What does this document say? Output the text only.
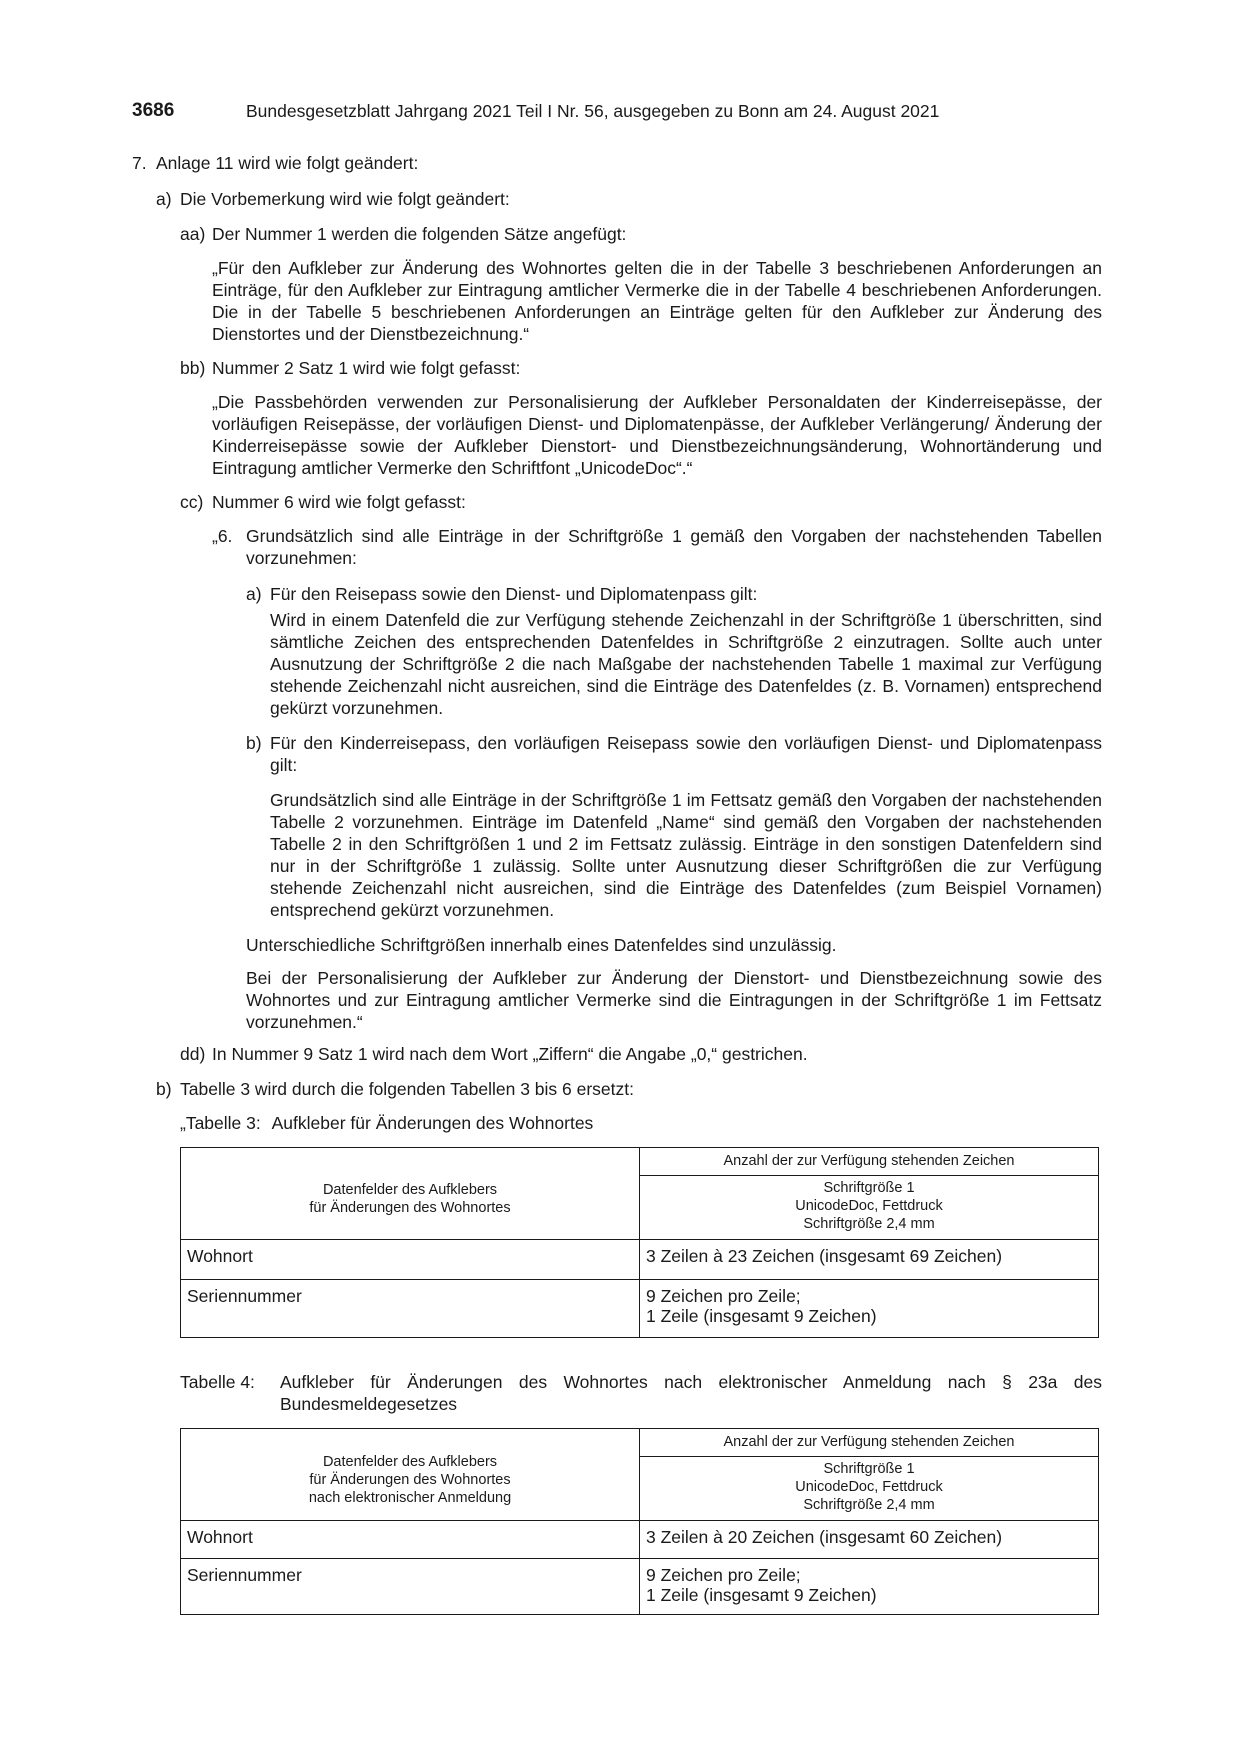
3686	Bundesgesetzblatt Jahrgang 2021 Teil I Nr. 56, ausgegeben zu Bonn am 24. August 2021
7. Anlage 11 wird wie folgt geändert:
a) Die Vorbemerkung wird wie folgt geändert:
aa) Der Nummer 1 werden die folgenden Sätze angefügt:

„Für den Aufkleber zur Änderung des Wohnortes gelten die in der Tabelle 3 beschriebenen Anforderungen an Einträge, für den Aufkleber zur Eintragung amtlicher Vermerke die in der Tabelle 4 beschriebenen Anforderungen. Die in der Tabelle 5 beschriebenen Anforderungen an Einträge gelten für den Aufkleber zur Änderung des Dienstortes und der Dienstbezeichnung.“

bb) Nummer 2 Satz 1 wird wie folgt gefasst:

„Die Passbehörden verwenden zur Personalisierung der Aufkleber Personaldaten der Kinderreisepässe, der vorläufigen Reisepässe, der vorläufigen Dienst- und Diplomatenpässe, der Aufkleber Verlängerung/ Änderung der Kinderreisepässe sowie der Aufkleber Dienstort- und Dienstbezeichnungsänderung, Wohnortänderung und Eintragung amtlicher Vermerke den Schriftfont „UnicodeDoc“.“

cc) Nummer 6 wird wie folgt gefasst:
„6. Grundsätzlich sind alle Einträge in der Schriftgröße 1 gemäß den Vorgaben der nachstehenden Tabellen vorzunehmen:

a) Für den Reisepass sowie den Dienst- und Diplomatenpass gilt:

Wird in einem Datenfeld die zur Verfügung stehende Zeichenzahl in der Schriftgröße 1 überschritten, sind sämtliche Zeichen des entsprechenden Datenfeldes in Schriftgröße 2 einzutragen. Sollte auch unter Ausnutzung der Schriftgröße 2 die nach Maßgabe der nachstehenden Tabelle 1 maximal zur Verfügung stehende Zeichenzahl nicht ausreichen, sind die Einträge des Datenfeldes (z. B. Vornamen) entsprechend gekürzt vorzunehmen.

b) Für den Kinderreisepass, den vorläufigen Reisepass sowie den vorläufigen Dienst- und Diplomatenpass gilt:

Grundsätzlich sind alle Einträge in der Schriftgröße 1 im Fettsatz gemäß den Vorgaben der nachstehenden Tabelle 2 vorzunehmen. Einträge im Datenfeld „Name“ sind gemäß den Vorgaben der nachstehenden Tabelle 2 in den Schriftgrößen 1 und 2 im Fettsatz zulässig. Einträge in den sonstigen Datenfeldern sind nur in der Schriftgröße 1 zulässig. Sollte unter Ausnutzung dieser Schriftgrößen die zur Verfügung stehende Zeichenzahl nicht ausreichen, sind die Einträge des Datenfeldes (zum Beispiel Vornamen) entsprechend gekürzt vorzunehmen.

Unterschiedliche Schriftgrößen innerhalb eines Datenfeldes sind unzulässig.

Bei der Personalisierung der Aufkleber zur Änderung der Dienstort- und Dienstbezeichnung sowie des Wohnortes und zur Eintragung amtlicher Vermerke sind die Eintragungen in der Schriftgröße 1 im Fettsatz vorzunehmen.“

dd) In Nummer 9 Satz 1 wird nach dem Wort „Ziffern“ die Angabe „0,“ gestrichen.
b) Tabelle 3 wird durch die folgenden Tabellen 3 bis 6 ersetzt:
„Tabelle 3: Aufkleber für Änderungen des Wohnortes
Datenfelder des Aufklebers
für Änderungen des Wohnortes	Anzahl der zur Verfügung stehenden Zeichen

	Schriftgröße 1
UnicodeDoc, Fettdruck
Schriftgröße 2,4 mm

Wohnort	3 Zeilen à 23 Zeichen (insgesamt 69 Zeichen)
Seriennummer	9 Zeichen pro Zeile;
1 Zeile (insgesamt 9 Zeichen)
Tabelle 4: Aufkleber für Änderungen des Wohnortes nach elektronischer Anmeldung nach § 23a des Bundesmeldegesetzes

Datenfelder des Aufklebers
für Änderungen des Wohnortes
nach elektronischer Anmeldung	Anzahl der zur Verfügung stehenden Zeichen

	Schriftgröße 1
UnicodeDoc, Fettdruck
Schriftgröße 2,4 mm

Wohnort	3 Zeilen à 20 Zeichen (insgesamt 60 Zeichen)
Seriennummer	9 Zeichen pro Zeile;
1 Zeile (insgesamt 9 Zeichen)
